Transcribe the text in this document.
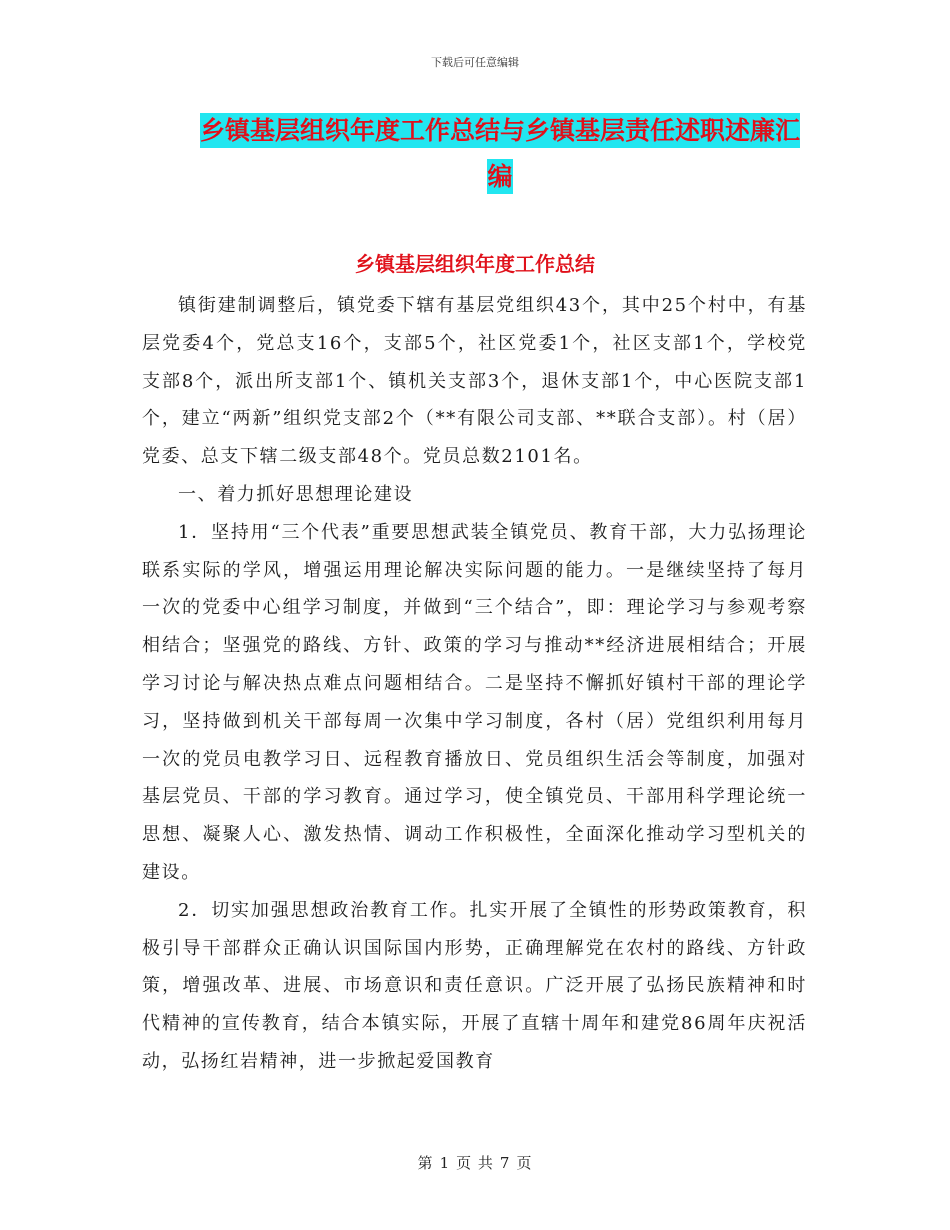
下载后可任意编辑
乡镇基层组织年度工作总结与乡镇基层责任述职述廉汇编
乡镇基层组织年度工作总结

镇街建制调整后，镇党委下辖有基层党组织43个，其中25个村中，有基层党委4个，党总支16个，支部5个，社区党委1个，社区支部1个，学校党支部8个，派出所支部1个、镇机关支部3个，退休支部1个，中心医院支部1个，建立“两新”组织党支部2个（**有限公司支部、**联合支部）。村（居）党委、总支下辖二级支部48个。党员总数2101名。

一、着力抓好思想理论建设

1．坚持用“三个代表”重要思想武装全镇党员、教育干部，大力弘扬理论联系实际的学风，增强运用理论解决实际问题的能力。一是继续坚持了每月一次的党委中心组学习制度，并做到“三个结合”，即：理论学习与参观考察相结合；坚强党的路线、方针、政策的学习与推动**经济进展相结合；开展学习讨论与解决热点难点问题相结合。二是坚持不懈抓好镇村干部的理论学习，坚持做到机关干部每周一次集中学习制度，各村（居）党组织利用每月一次的党员电教学习日、远程教育播放日、党员组织生活会等制度，加强对基层党员、干部的学习教育。通过学习，使全镇党员、干部用科学理论统一思想、凝聚人心、激发热情、调动工作积极性，全面深化推动学习型机关的建设。

2．切实加强思想政治教育工作。扎实开展了全镇性的形势政策教育，积极引导干部群众正确认识国际国内形势，正确理解党在农村的路线、方针政策，增强改革、进展、市场意识和责任意识。广泛开展了弘扬民族精神和时代精神的宣传教育，结合本镇实际，开展了直辖十周年和建党86周年庆祝活动，弘扬红岩精神，进一步掀起爱国教育

第 1 页 共 7 页
